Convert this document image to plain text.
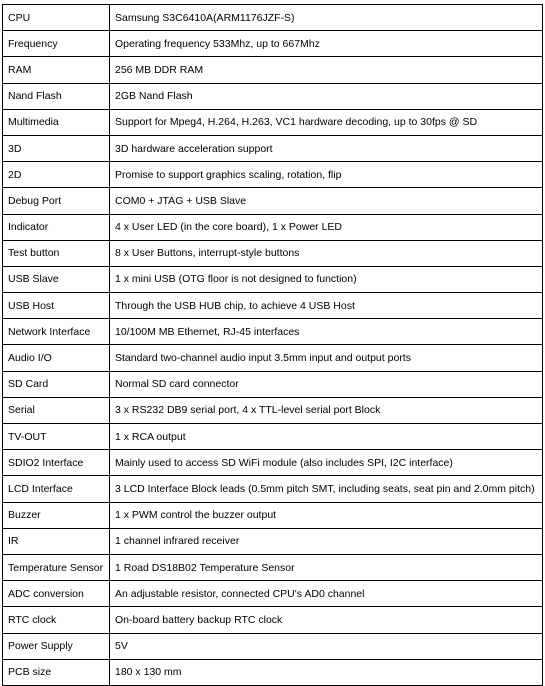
CPU	Samsung S3C6410A(ARM1176JZF-S)
Frequency	Operating frequency 533Mhz, up to 667Mhz
RAM	256 MB DDR RAM
Nand Flash	2GB Nand Flash
Multimedia	Support for Mpeg4, H.264, H.263, VC1 hardware decoding, up to 30fps @ SD
3D	3D hardware acceleration support
2D	Promise to support graphics scaling, rotation, flip
Debug Port	COM0 + JTAG + USB Slave
Indicator	4 x User LED (in the core board), 1 x Power LED
Test button	8 x User Buttons, interrupt-style buttons
USB Slave	1 x mini USB (OTG floor is not designed to function)
USB Host	Through the USB HUB chip, to achieve 4 USB Host
Network Interface	10/100M MB Ethernet, RJ-45 interfaces
Audio I/O	Standard two-channel audio input 3.5mm input and output ports
SD Card	Normal SD card connector
Serial	3 x RS232 DB9 serial port, 4 x TTL-level serial port Block
TV-OUT	1 x RCA output
SDIO2 Interface	Mainly used to access SD WiFi module (also includes SPI, I2C interface)
LCD Interface	3 LCD Interface Block leads (0.5mm pitch SMT, including seats, seat pin and 2.0mm pitch)
Buzzer	1 x PWM control the buzzer output
IR	1 channel infrared receiver
Temperature Sensor	1 Road DS18B02 Temperature Sensor
ADC conversion	An adjustable resistor, connected CPU's AD0 channel
RTC clock	On-board battery backup RTC clock
Power Supply	5V
PCB size	180 x 130 mm
